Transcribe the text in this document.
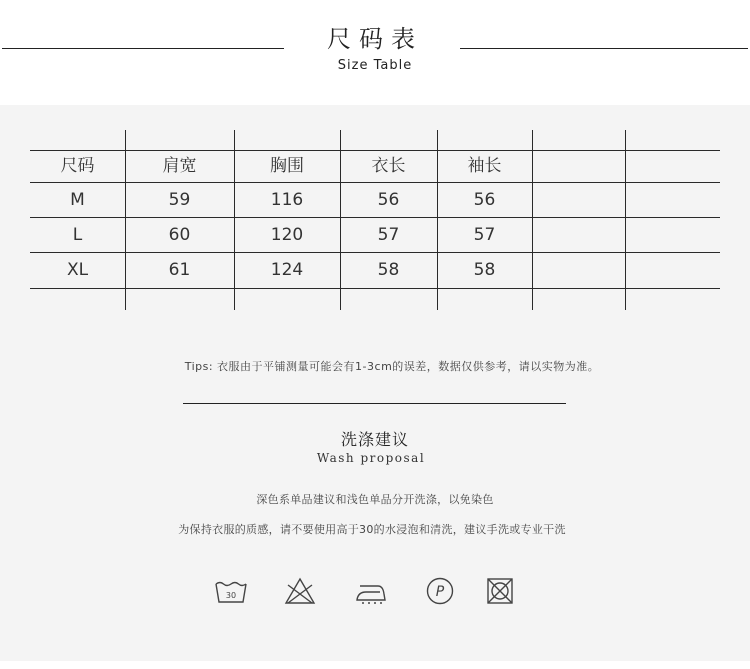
尺码表
Size Table
尺码	肩宽	胸围	衣长	袖长
M	59	116	56	56
L	60	120	57	57
XL	61	124	58	58
Tips: 衣服由于平铺测量可能会有1-3cm的误差，数据仅供参考，请以实物为准。
洗涤建议
Wash proposal
深色系单品建议和浅色单品分开洗涤，以免染色
为保持衣服的质感，请不要使用高于30的水浸泡和清洗，建议手洗或专业干洗
30	P
